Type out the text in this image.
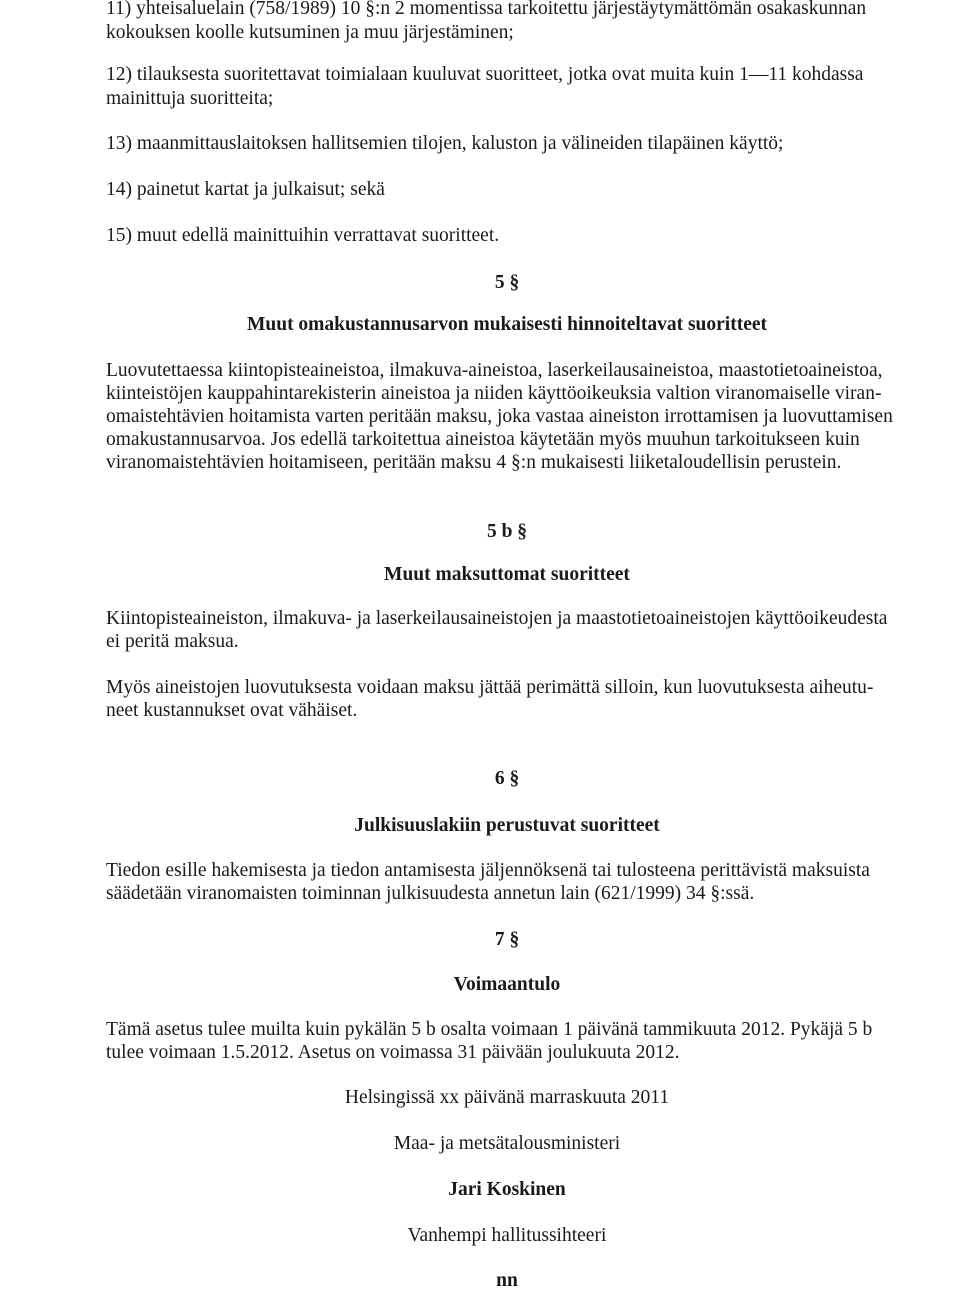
11) yhteisaluelain (758/1989) 10 §:n 2 momentissa tarkoitettu järjestäytymättömän osakaskunnan
kokouksen koolle kutsuminen ja muu järjestäminen;
12) tilauksesta suoritettavat toimialaan kuuluvat suoritteet, jotka ovat muita kuin 1—11 kohdassa
mainittuja suoritteita;
13) maanmittauslaitoksen hallitsemien tilojen, kaluston ja välineiden tilapäinen käyttö;
14) painetut kartat ja julkaisut; sekä
15) muut edellä mainittuihin verrattavat suoritteet.
5 §
Muut omakustannusarvon mukaisesti hinnoiteltavat suoritteet
Luovutettaessa kiintopisteaineistoa, ilmakuva-aineistoa, laserkeilausaineistoa, maastotietoaineistoa,
kiinteistöjen kauppahintarekisterin aineistoa ja niiden käyttöoikeuksia valtion viranomaiselle viran-
omaistehtävien hoitamista varten peritään maksu, joka vastaa aineiston irrottamisen ja luovuttamisen
omakustannusarvoa. Jos edellä tarkoitettua aineistoa käytetään myös muuhun tarkoitukseen kuin
viranomaistehtävien hoitamiseen, peritään maksu 4 §:n mukaisesti liiketaloudellisin perustein.
5 b §
Muut maksuttomat suoritteet
Kiintopisteaineiston, ilmakuva- ja laserkeilausaineistojen ja maastotietoaineistojen käyttöoikeudesta
ei peritä maksua.
Myös aineistojen luovutuksesta voidaan maksu jättää perimättä silloin, kun luovutuksesta aiheutu-
neet kustannukset ovat vähäiset.
6 §
Julkisuuslakiin perustuvat suoritteet
Tiedon esille hakemisesta ja tiedon antamisesta jäljennöksenä tai tulosteena perittävistä maksuista
säädetään viranomaisten toiminnan julkisuudesta annetun lain (621/1999) 34 §:ssä.
7 §
Voimaantulo
Tämä asetus tulee muilta kuin pykälän 5 b osalta voimaan 1 päivänä tammikuuta 2012. Pykäjä 5 b
tulee voimaan 1.5.2012. Asetus on voimassa 31 päivään joulukuuta 2012.
Helsingissä xx päivänä marraskuuta 2011
Maa- ja metsätalousministeri
Jari Koskinen
Vanhempi hallitussihteeri
nn
